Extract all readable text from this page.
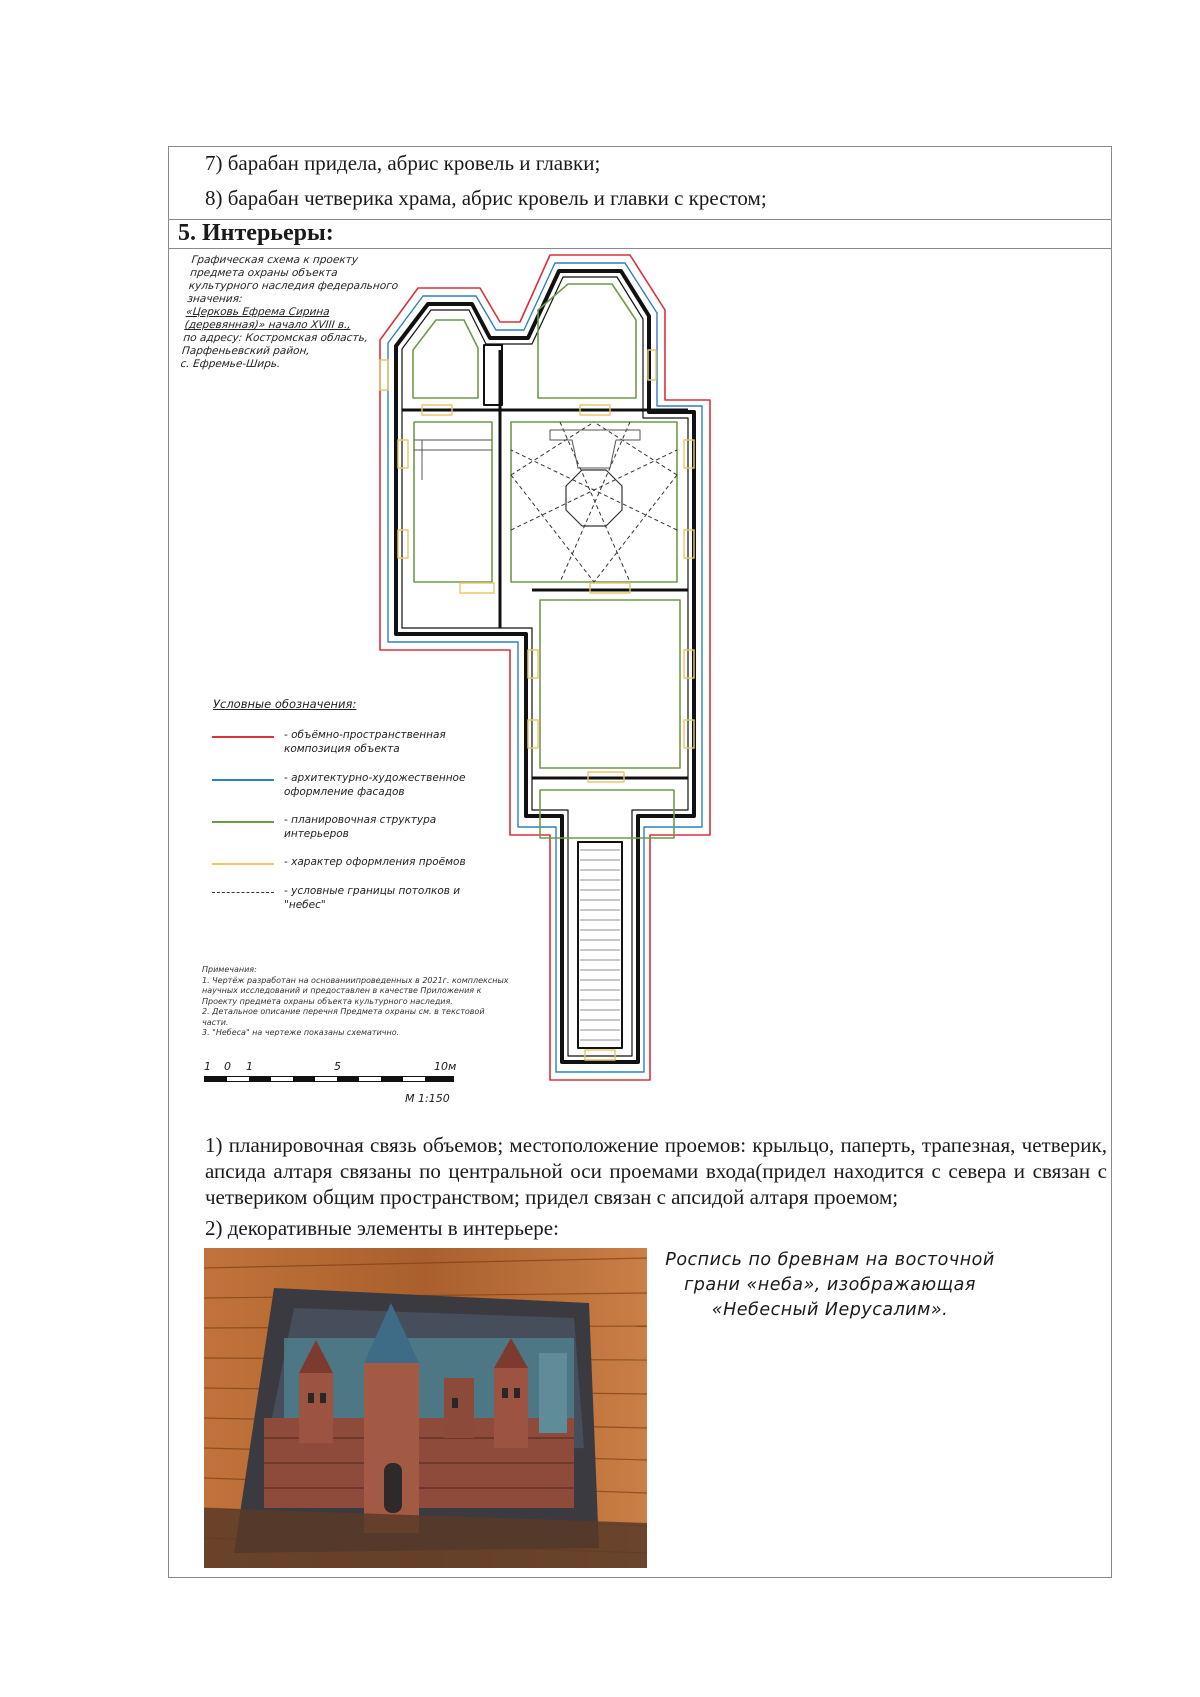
7) барабан придела, абрис кровель и главки;
8) барабан четверика храма, абрис кровель и главки с крестом;
5. Интерьеры:
Графическая схема к проекту
предмета охраны объекта
культурного наследия федерального
значения:
«Церковь Ефрема Сирина
(деревянная)» начало XVIII в.,
по адресу: Костромская область,
Парфеньевский район,
с. Ефремье-Ширь.
Условные обозначения:
- объёмно-пространственная
композиция объекта
- архитектурно-художественное
оформление фасадов
- планировочная структура
интерьеров
- характер оформления проёмов
- условные границы потолков и
"небес"
Примечания:
1. Чертёж разработан на основаниипроведенных в 2021г. комплексных
научных исследований и предоставлен в качестве Приложения к
Проекту предмета охраны объекта культурного наследия.
2. Детальное описание перечня Предмета охраны см. в текстовой
части.
3. "Небеса" на чертеже показаны схематично.
1 0 1	5	10м
М 1:150
1) планировочная связь объемов; местоположение проемов: крыльцо, паперть, трапезная, четверик, апсида алтаря связаны по центральной оси проемами входа(придел находится с севера и связан с четвериком общим пространством; придел связан с апсидой алтаря проемом;
2) декоративные элементы в интерьере:
Роспись по бревнам на восточной
грани «неба», изображающая
«Небесный Иерусалим».
